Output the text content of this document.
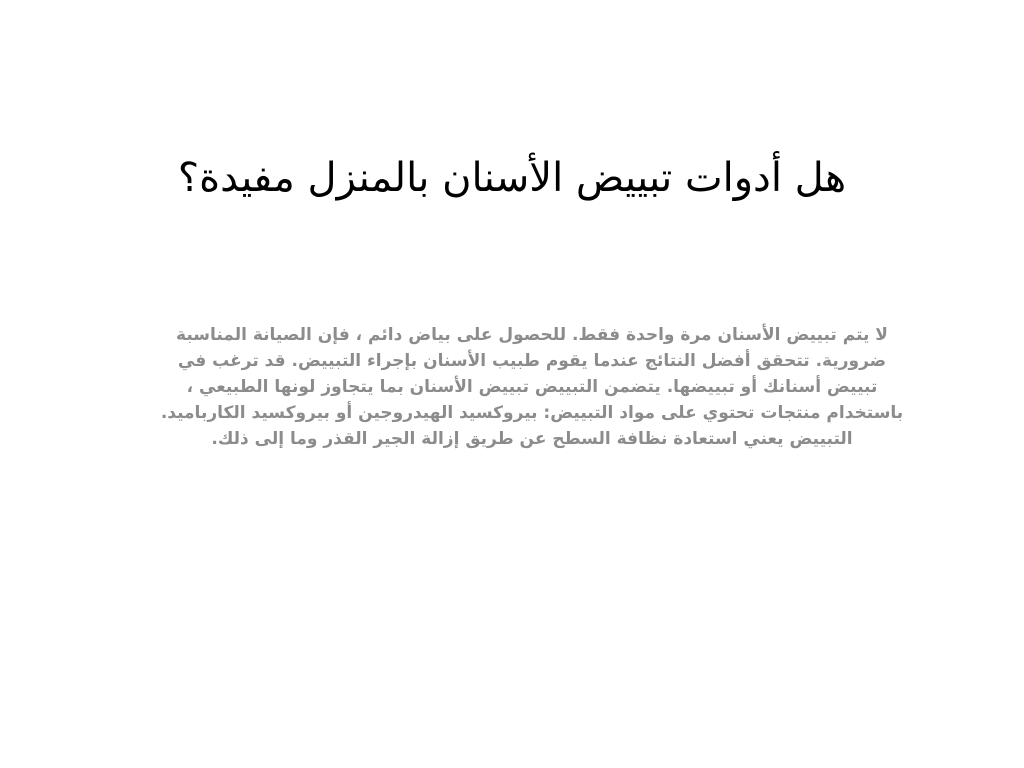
هل أدوات تبييض الأسنان بالمنزل مفيدة؟
لا يتم تبييض الأسنان مرة واحدة فقط. للحصول على بياض دائم ، فإن الصيانة المناسبة
ضرورية. تتحقق أفضل النتائج عندما يقوم طبيب الأسنان بإجراء التبييض. قد ترغب في
تبييض أسنانك أو تبييضها. يتضمن التبييض تبييض الأسنان بما يتجاوز لونها الطبيعي ،
باستخدام منتجات تحتوي على مواد التبييض: بيروكسيد الهيدروجين أو بيروكسيد الكارباميد.
التبييض يعني استعادة نظافة السطح عن طريق إزالة الجير القذر وما إلى ذلك.
